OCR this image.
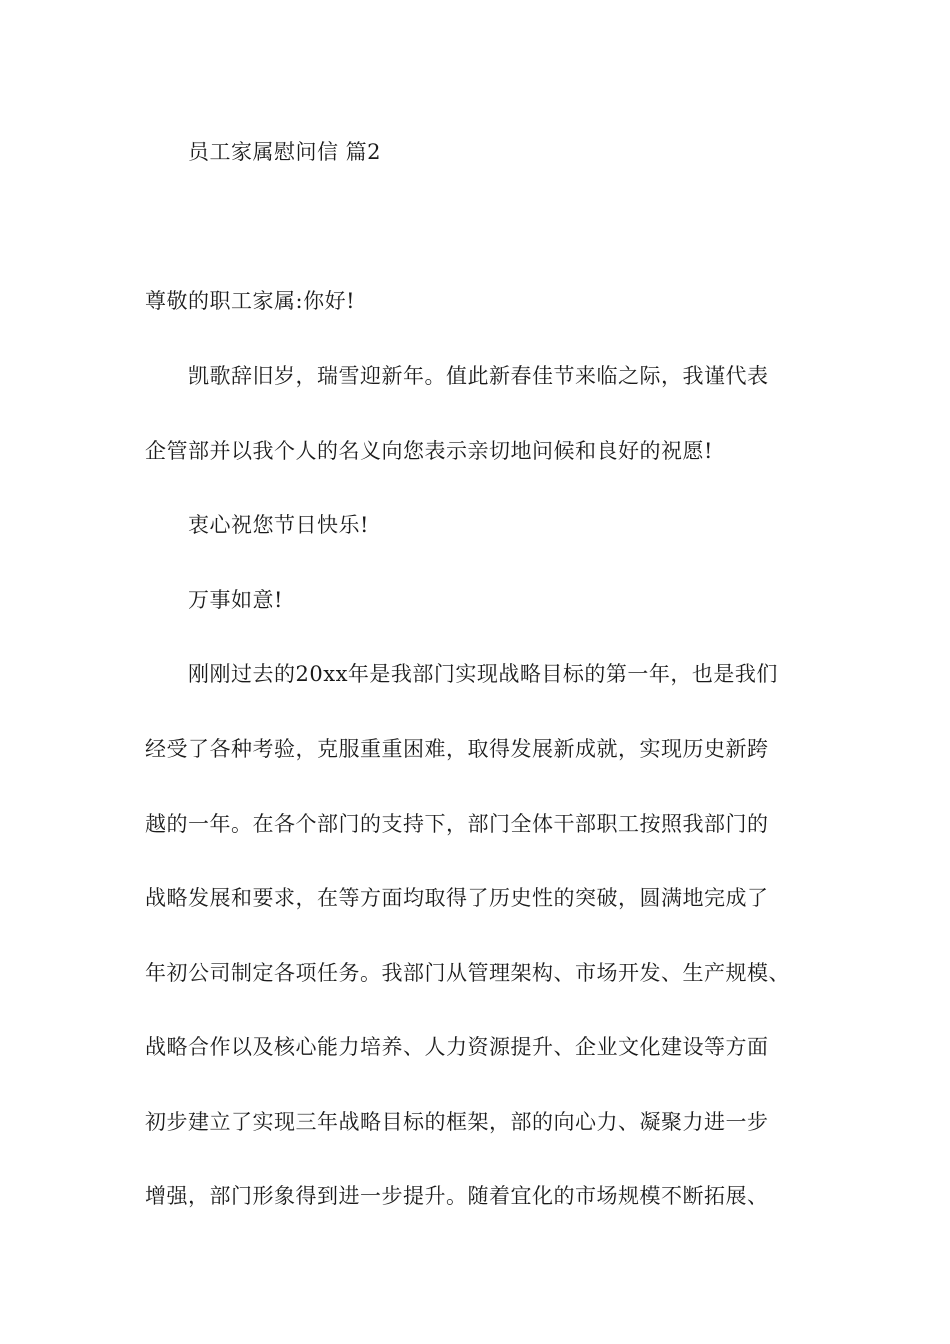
员工家属慰问信 篇2
尊敬的职工家属:你好!
凯歌辞旧岁，瑞雪迎新年。值此新春佳节来临之际，我谨代表
企管部并以我个人的名义向您表示亲切地问候和良好的祝愿!
衷心祝您节日快乐!
万事如意!
刚刚过去的20xx年是我部门实现战略目标的第一年，也是我们
经受了各种考验，克服重重困难，取得发展新成就，实现历史新跨
越的一年。在各个部门的支持下，部门全体干部职工按照我部门的
战略发展和要求，在等方面均取得了历史性的突破，圆满地完成了
年初公司制定各项任务。我部门从管理架构、市场开发、生产规模、
战略合作以及核心能力培养、人力资源提升、企业文化建设等方面
初步建立了实现三年战略目标的框架，部的向心力、凝聚力进一步
增强，部门形象得到进一步提升。随着宜化的市场规模不断拓展、
